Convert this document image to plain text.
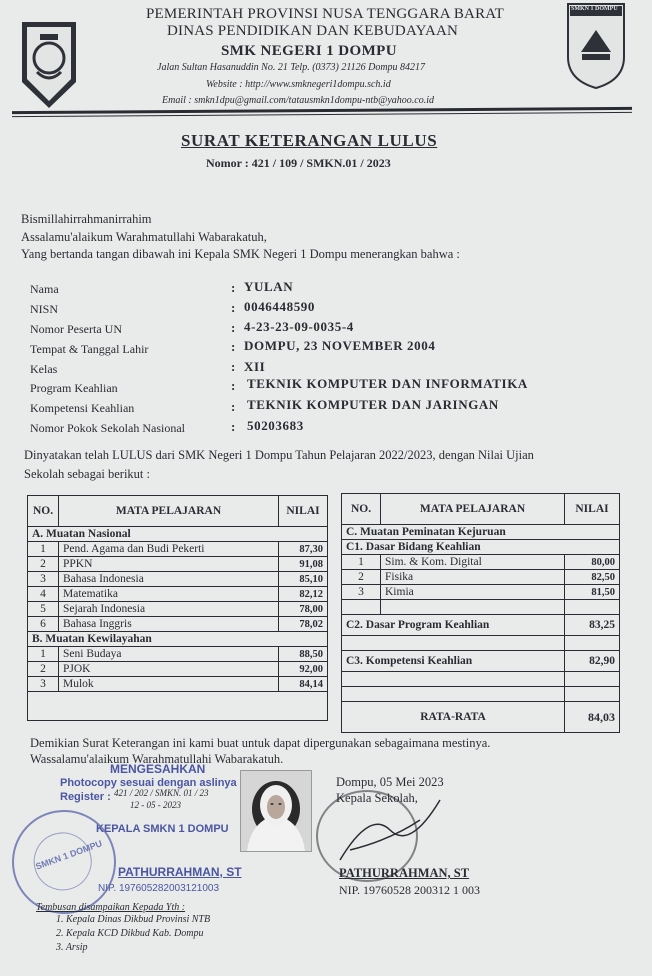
PEMERINTAH PROVINSI NUSA TENGGARA BARAT
DINAS PENDIDIKAN DAN KEBUDAYAAN
SMK NEGERI 1 DOMPU
Jalan Sultan Hasanuddin No. 21 Telp. (0373) 21126 Dompu 84217
Website : http://www.smknegeri1dompu.sch.id
Email : smkn1dpu@gmail.com/tatausmkn1dompu-ntb@yahoo.co.id
SMKN 1 DOMPU
SURAT KETERANGAN LULUS
Nomor : 421 / 109 / SMKN.01 / 2023
Bismillahirrahmanirrahim
Assalamu'alaikum Warahmatullahi Wabarakatuh,
Yang bertanda tangan dibawah ini Kepala SMK Negeri 1 Dompu menerangkan bahwa :
Nama	: YULAN
NISN	: 0046448590
Nomor Peserta UN	: 4-23-23-09-0035-4
Tempat & Tanggal Lahir	: DOMPU, 23 NOVEMBER 2004
Kelas	: XII
Program Keahlian	: TEKNIK KOMPUTER DAN INFORMATIKA
Kompetensi Keahlian	: TEKNIK KOMPUTER DAN JARINGAN
Nomor Pokok Sekolah Nasional	: 50203683
Dinyatakan telah LULUS dari SMK Negeri 1 Dompu Tahun Pelajaran 2022/2023, dengan Nilai Ujian
Sekolah sebagai berikut :
NO.	MATA PELAJARAN	NILAI
A. Muatan Nasional		
1	Pend. Agama dan Budi Pekerti	87,30
2	PPKN	91,08
3	Bahasa Indonesia	85,10
4	Matematika	82,12
5	Sejarah Indonesia	78,00
6	Bahasa Inggris	78,02
B. Muatan Kewilayahan		
1	Seni Budaya	88,50
2	PJOK	92,00
3	Mulok	84,14

NO.	MATA PELAJARAN	NILAI
C. Muatan Peminatan Kejuruan		
C1. Dasar Bidang Keahlian		
1	Sim. & Kom. Digital	80,00
2	Fisika	82,50
3	Kimia	81,50

C2. Dasar Program Keahlian		83,25

C3. Kompetensi Keahlian		82,90

RATA-RATA		84,03
Demikian Surat Keterangan ini kami buat untuk dapat dipergunakan sebagaimana mestinya.
Wassalamu'alaikum Warahmatullahi Wabarakatuh.
MENGESAHKAN
Photocopy sesuai dengan aslinya
Register : 421 / 202 / SMKN. 01 / 23
12 - 05 - 2023
KEPALA SMKN 1 DOMPU
PATHURRAHMAN, ST
NIP. 197605282003121003
SMKN 1 DOMPU
Dompu, 05 Mei 2023
Kepala Sekolah,
PATHURRAHMAN, ST
NIP. 19760528 200312 1 003
Tembusan disampaikan Kepada Yth :
1. Kepala Dinas Dikbud Provinsi NTB
2. Kepala KCD Dikbud Kab. Dompu
3. Arsip
